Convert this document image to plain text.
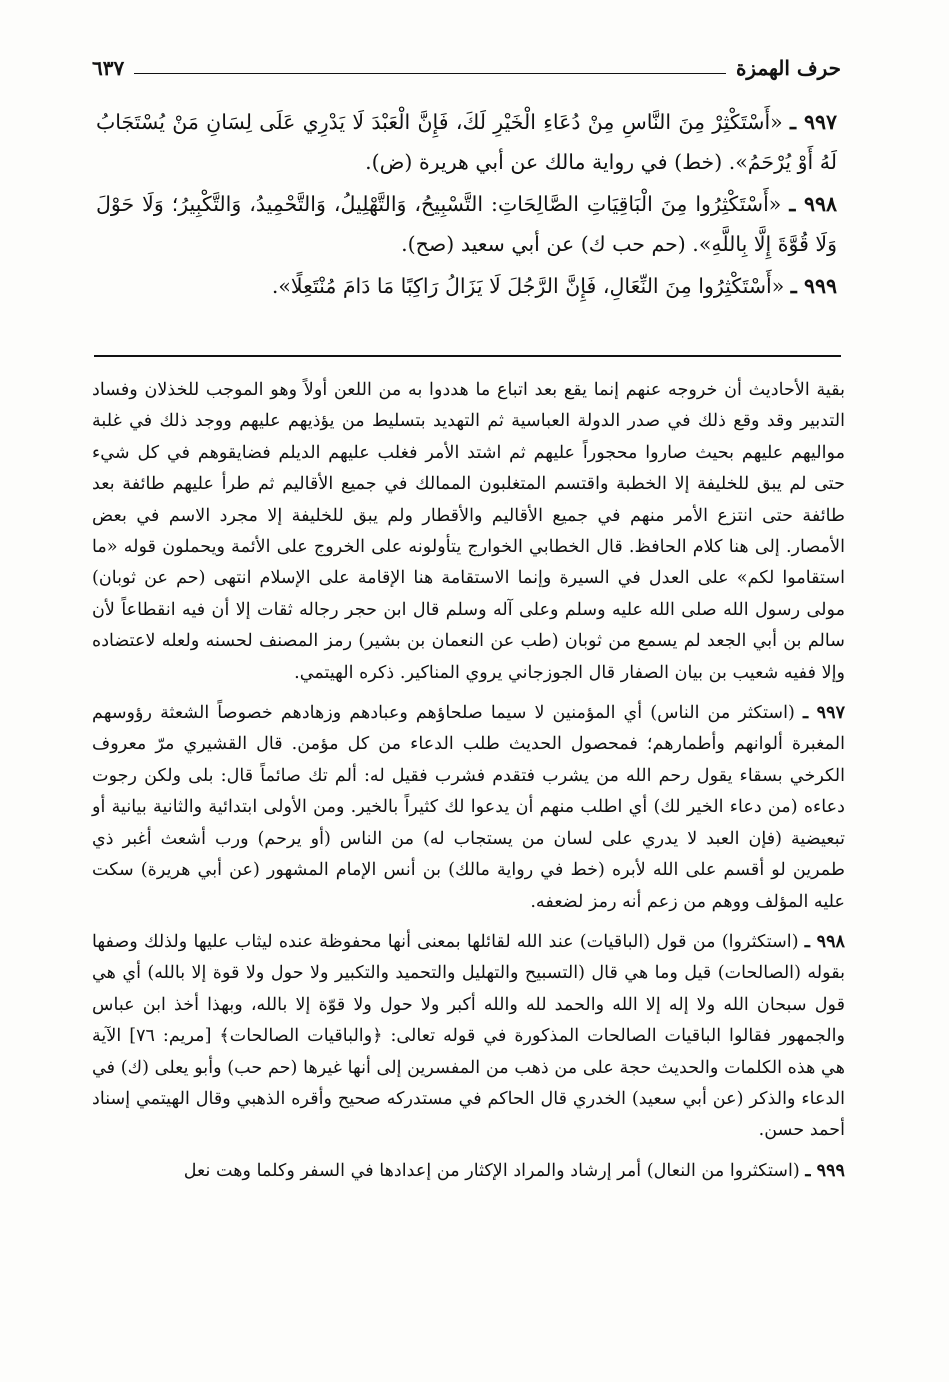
حرف الهمزة
٦٣٧

٩٩٧ ـ «أَسْتَكْثِرْ مِنَ النَّاسِ مِنْ دُعَاءِ الْخَيْرِ لَكَ، فَإِنَّ الْعَبْدَ لَا يَدْرِي عَلَى لِسَانِ مَنْ يُسْتَجَابُ لَهُ أَوْ يُرْحَمُ». (خط) في رواية مالك عن أبي هريرة (ض).

٩٩٨ ـ «أَسْتَكْثِرُوا مِنَ الْبَاقِيَاتِ الصَّالِحَاتِ: التَّسْبِيحُ، وَالتَّهْلِيلُ، وَالتَّحْمِيدُ، وَالتَّكْبِيرُ؛ وَلَا حَوْلَ وَلَا قُوَّةَ إِلَّا بِاللَّهِ». (حم حب ك) عن أبي سعيد (صح).

٩٩٩ ـ «أَسْتَكْثِرُوا مِنَ النِّعَالِ، فَإِنَّ الرَّجُلَ لَا يَزَالُ رَاكِبًا مَا دَامَ مُنْتَعِلًا».

بقية الأحاديث أن خروجه عنهم إنما يقع بعد اتباع ما هددوا به من اللعن أولاً وهو الموجب للخذلان وفساد التدبير وقد وقع ذلك في صدر الدولة العباسية ثم التهديد بتسليط من يؤذيهم عليهم ووجد ذلك في غلبة مواليهم عليهم بحيث صاروا محجوراً عليهم ثم اشتد الأمر فغلب عليهم الديلم فضايقوهم في كل شيء حتى لم يبق للخليفة إلا الخطبة واقتسم المتغلبون الممالك في جميع الأقاليم ثم طرأ عليهم طائفة بعد طائفة حتى انتزع الأمر منهم في جميع الأقاليم والأقطار ولم يبق للخليفة إلا مجرد الاسم في بعض الأمصار. إلى هنا كلام الحافظ. قال الخطابي الخوارج يتأولونه على الخروج على الأئمة ويحملون قوله «ما استقاموا لكم» على العدل في السيرة وإنما الاستقامة هنا الإقامة على الإسلام انتهى (حم عن ثوبان) مولى رسول الله صلى الله عليه وسلم وعلى آله وسلم قال ابن حجر رجاله ثقات إلا أن فيه انقطاعاً لأن سالم بن أبي الجعد لم يسمع من ثوبان (طب عن النعمان بن بشير) رمز المصنف لحسنه ولعله لاعتضاده وإلا ففيه شعيب بن بيان الصفار قال الجوزجاني يروي المناكير. ذكره الهيتمي.

٩٩٧ ـ (استكثر من الناس) أي المؤمنين لا سيما صلحاؤهم وعبادهم وزهادهم خصوصاً الشعثة رؤوسهم المغبرة ألوانهم وأطمارهم؛ فمحصول الحديث طلب الدعاء من كل مؤمن. قال القشيري مرّ معروف الكرخي بسقاء يقول رحم الله من يشرب فتقدم فشرب فقيل له: ألم تك صائماً قال: بلى ولكن رجوت دعاءه (من دعاء الخير لك) أي اطلب منهم أن يدعوا لك كثيراً بالخير. ومن الأولى ابتدائية والثانية بيانية أو تبعيضية (فإن العبد لا يدري على لسان من يستجاب له) من الناس (أو يرحم) ورب أشعث أغبر ذي طمرين لو أقسم على الله لأبره (خط في رواية مالك) بن أنس الإمام المشهور (عن أبي هريرة) سكت عليه المؤلف ووهم من زعم أنه رمز لضعفه.

٩٩٨ ـ (استكثروا) من قول (الباقيات) عند الله لقائلها بمعنى أنها محفوظة عنده ليثاب عليها ولذلك وصفها بقوله (الصالحات) قيل وما هي قال (التسبيح والتهليل والتحميد والتكبير ولا حول ولا قوة إلا بالله) أي هي قول سبحان الله ولا إله إلا الله والحمد لله والله أكبر ولا حول ولا قوّة إلا بالله، وبهذا أخذ ابن عباس والجمهور فقالوا الباقيات الصالحات المذكورة في قوله تعالى: ﴿والباقيات الصالحات﴾ [مريم: ٧٦] الآية هي هذه الكلمات والحديث حجة على من ذهب من المفسرين إلى أنها غيرها (حم حب) وأبو يعلى (ك) في الدعاء والذكر (عن أبي سعيد) الخدري قال الحاكم في مستدركه صحيح وأقره الذهبي وقال الهيتمي إسناد أحمد حسن.

٩٩٩ ـ (استكثروا من النعال) أمر إرشاد والمراد الإكثار من إعدادها في السفر وكلما وهت نعل
